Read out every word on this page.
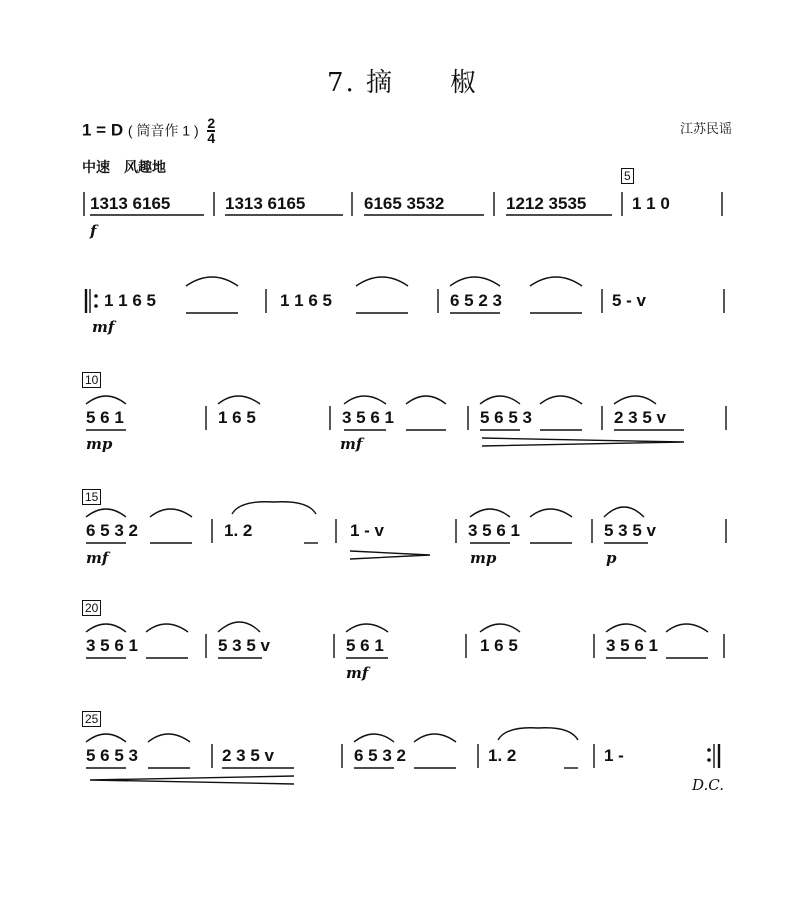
7. 摘　　椒
1 = D ( 筒音作 1 ) $\frac{2}{4}$	江苏民谣
中速　风趣地
5
10
15
20
25
1313 6165	1313 6165	6165 3532	1212 3535	1 1 0
f
1 1 6 5	1 1 6 5	6 5 2 3	5 - v
mf
5 6 1	1 6 5	3 5 6 1	5 6 5 3	2 3 5 v
mp	mf
6 5 3 2	1. 2	1 - v	3 5 6 1	5 3 5 v
mf	mp	p
3 5 6 1	5 3 5 v	5 6 1	1 6 5	3 5 6 1
mf
5 6 5 3	2 3 5 v	6 5 3 2	1. 2	1 -
D.C.
